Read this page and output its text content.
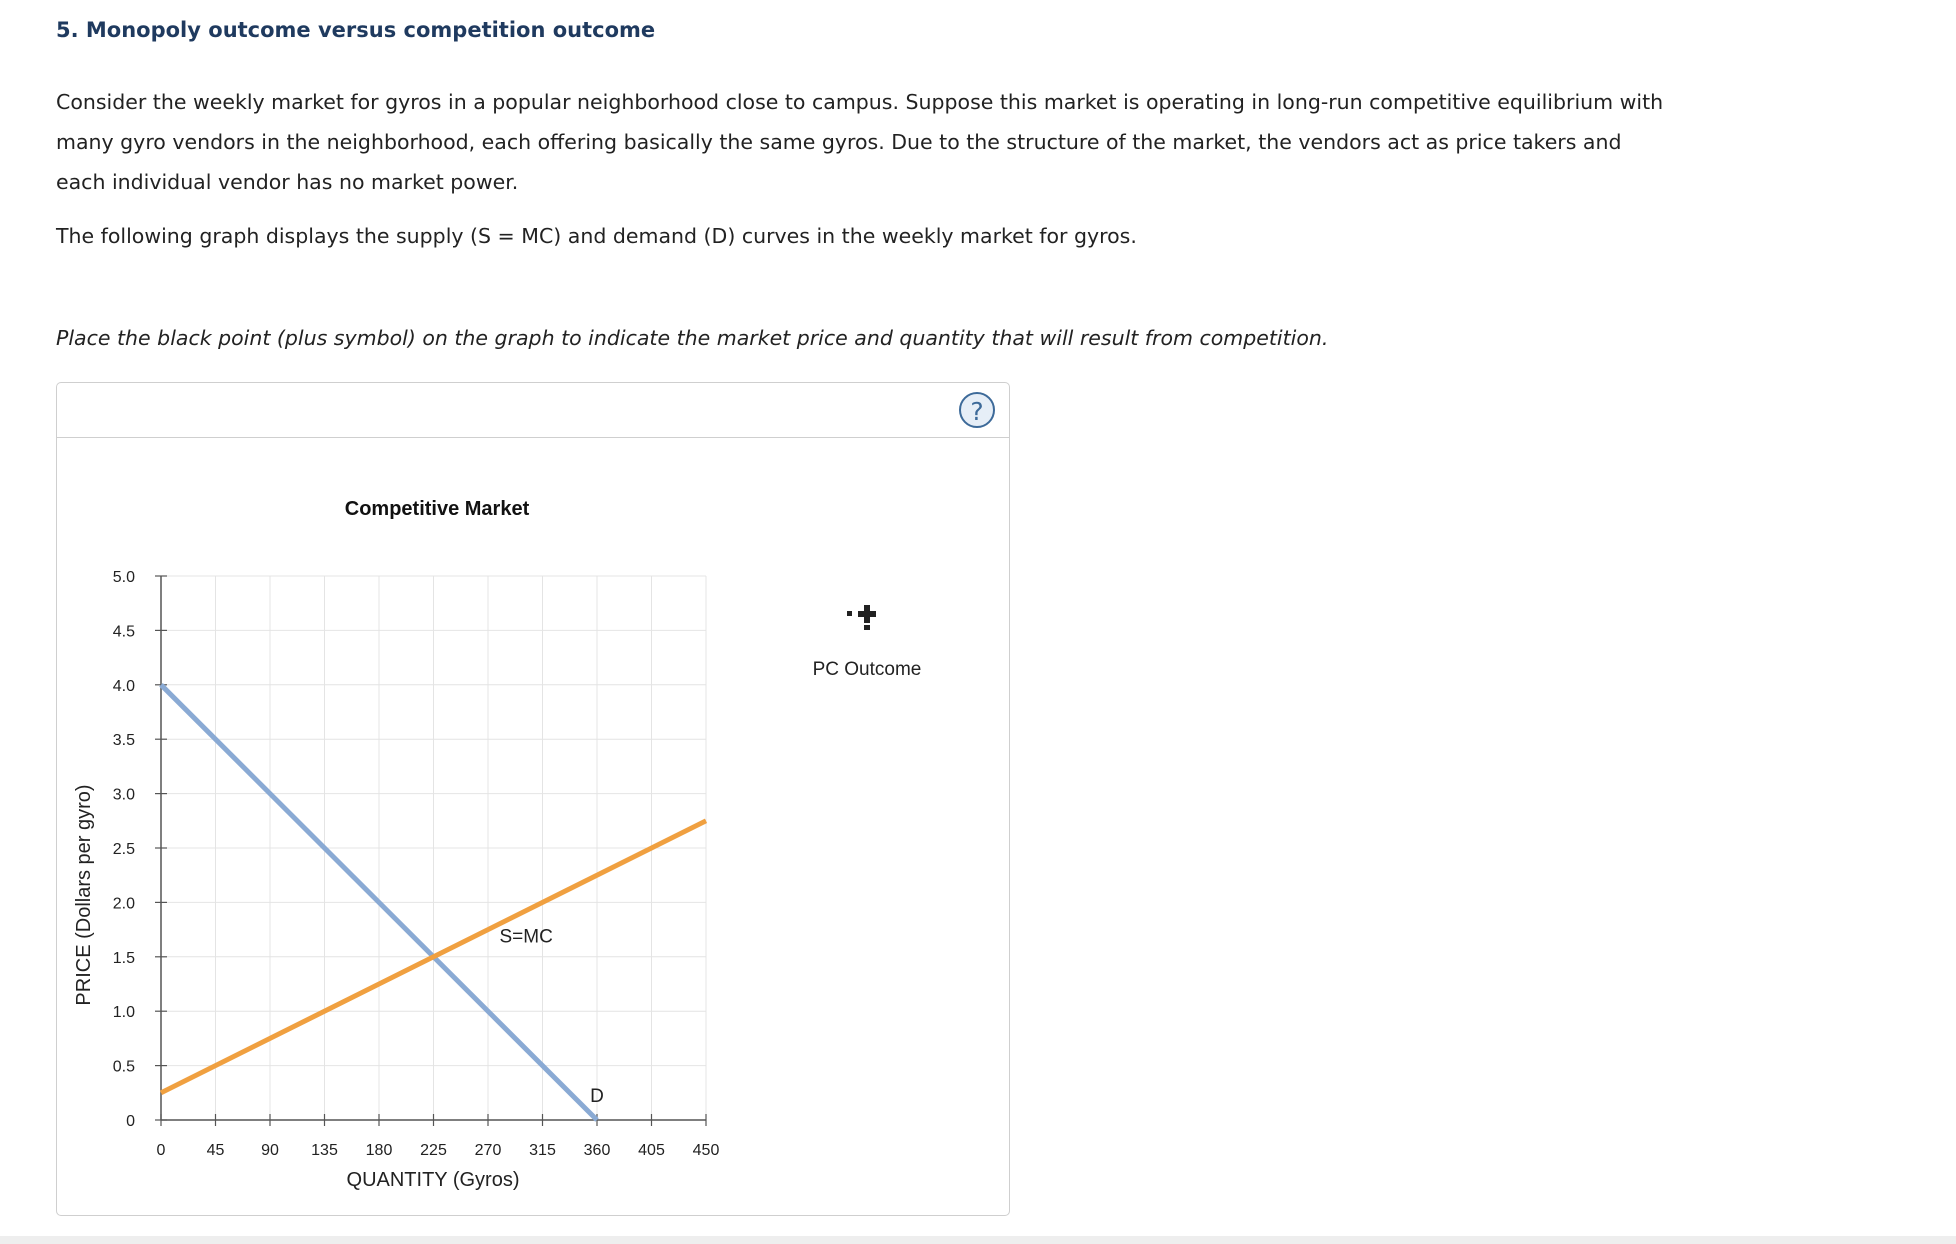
5. Monopoly outcome versus competition outcome

Consider the weekly market for gyros in a popular neighborhood close to campus. Suppose this market is operating in long-run competitive equilibrium with many gyro vendors in the neighborhood, each offering basically the same gyros. Due to the structure of the market, the vendors act as price takers and each individual vendor has no market power.

The following graph displays the supply (S = MC) and demand (D) curves in the weekly market for gyros.

Place the black point (plus symbol) on the graph to indicate the market price and quantity that will result from competition.

?
Competitive Market
0	45 90 135 180 225 270 315 360 405 450
0
0.5
1.0
1.5
2.0
2.5
3.0
3.5
4.0
4.5
5.0
D
S=MC
QUANTITY (Gyros)
PRICE (Dollars per gyro)
PC Outcome
